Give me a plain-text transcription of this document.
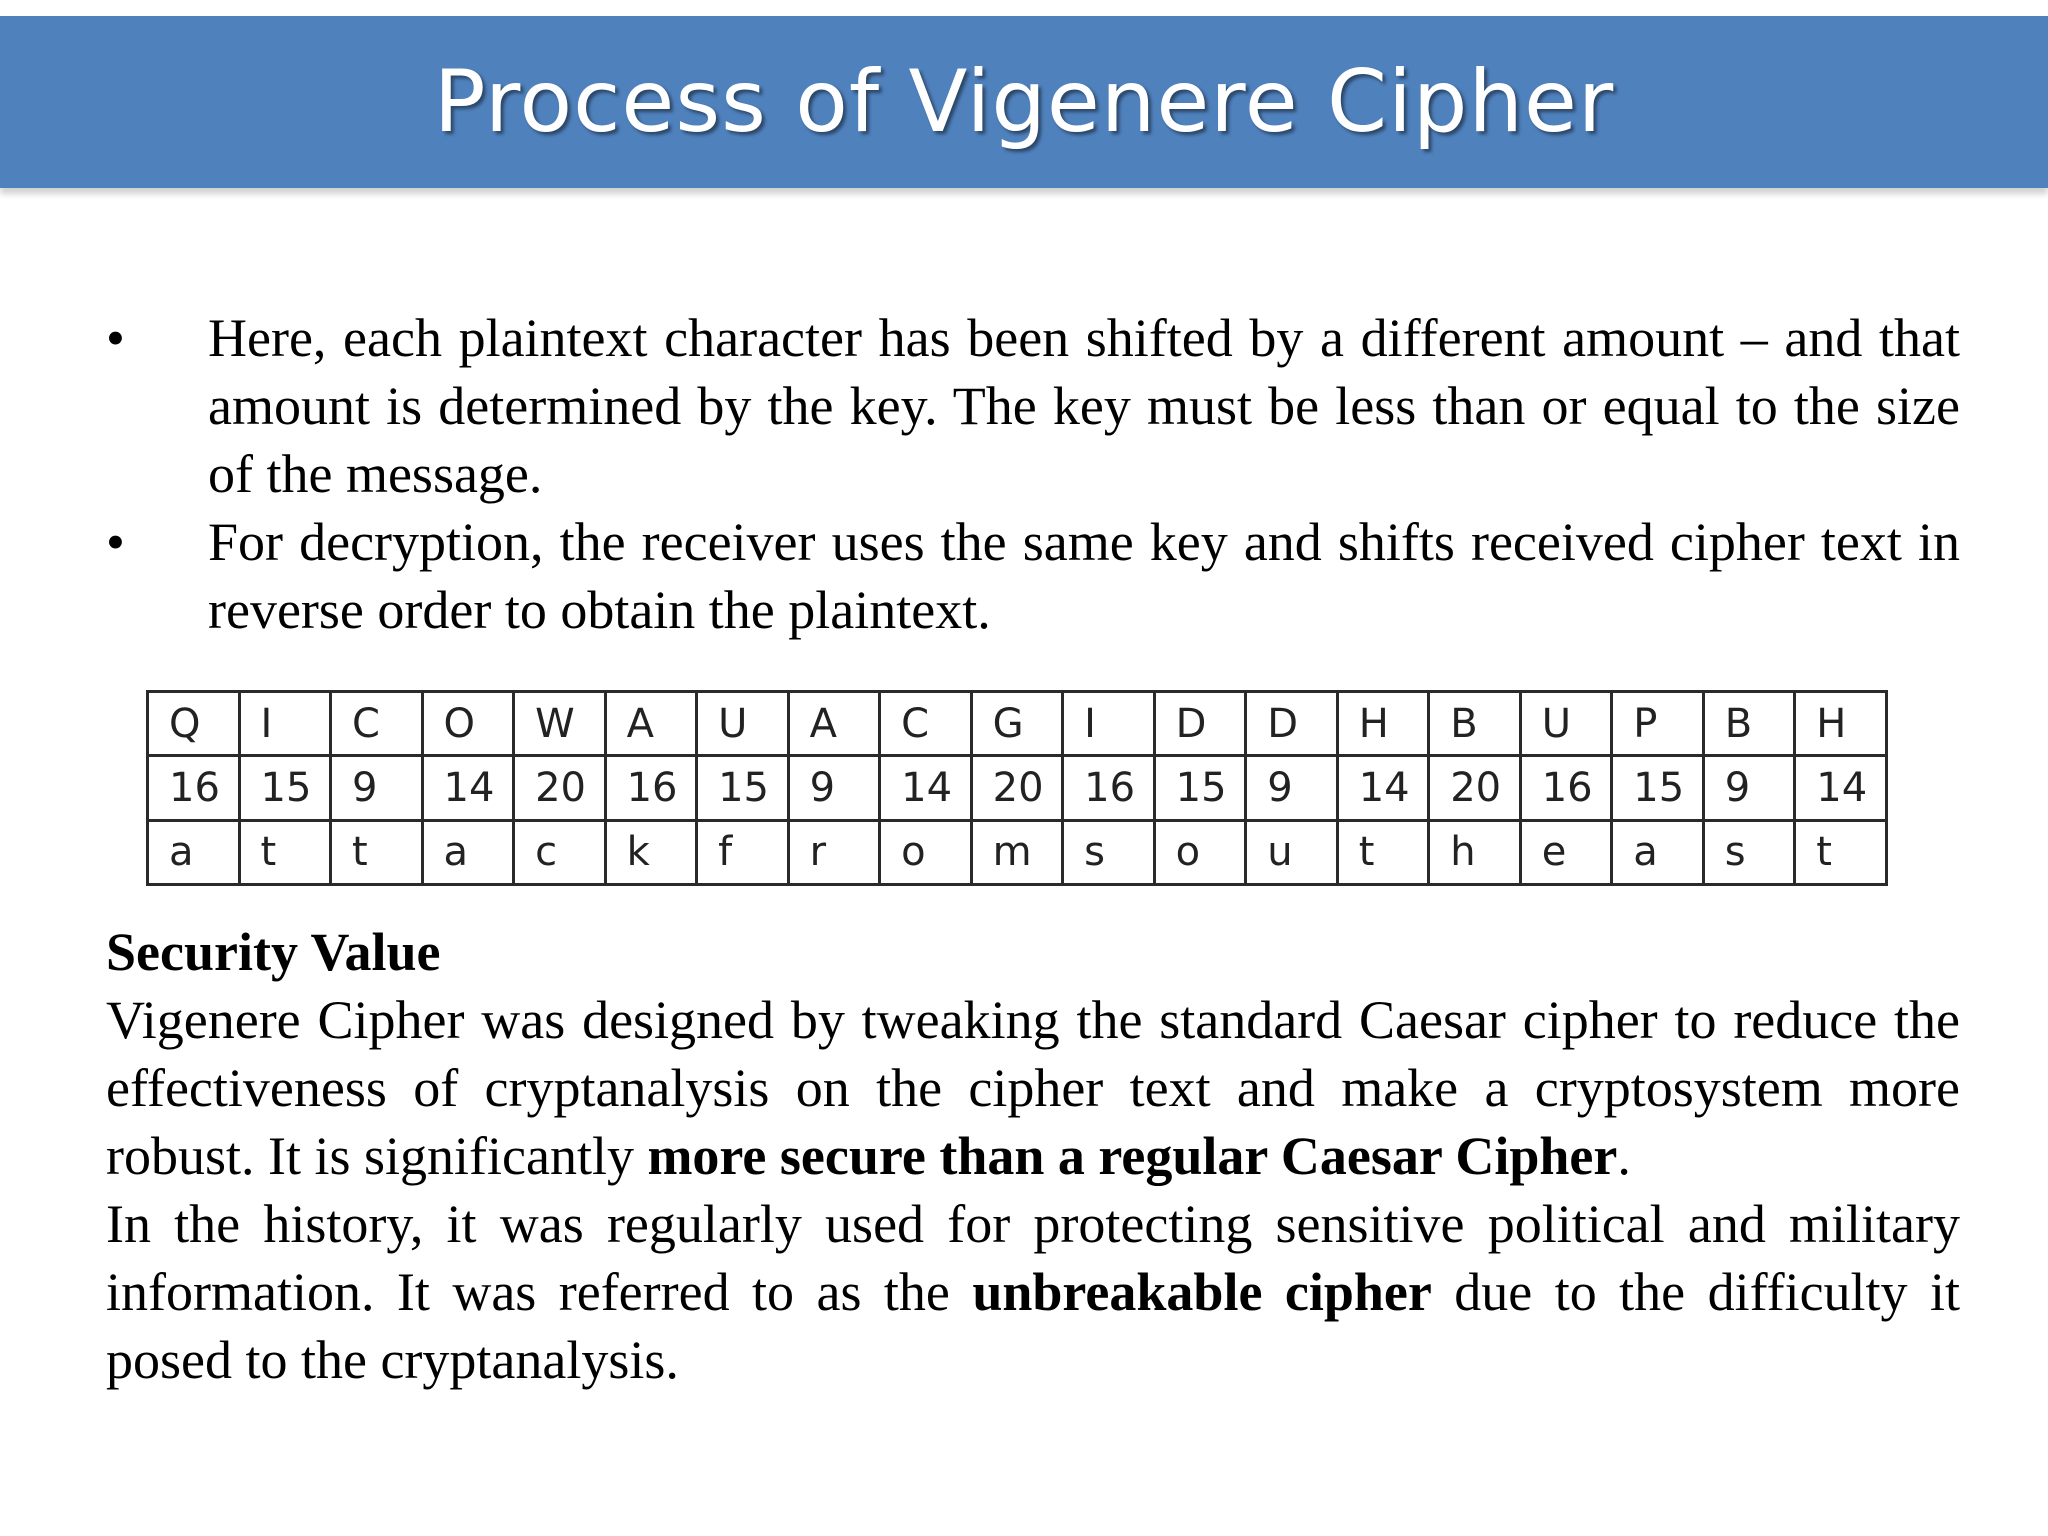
Process of Vigenere Cipher
• Here, each plaintext character has been shifted by a different amount – and that amount is determined by the key. The key must be less than or equal to the size of the message.
• For decryption, the receiver uses the same key and shifts received cipher text in reverse order to obtain the plaintext.
Q	I	C	O	W	A	U	A	C	G	I	D	D	H	B	U	P	B	H
16	15	9	14	20	16	15	9	14	20	16	15	9	14	20	16	15	9	14
a	t	t	a	c	k	f	r	o	m	s	o	u	t	h	e	a	s	t

Security Value

Vigenere Cipher was designed by tweaking the standard Caesar cipher to reduce the effectiveness of cryptanalysis on the cipher text and make a cryptosystem more robust. It is significantly more secure than a regular Caesar Cipher.

In the history, it was regularly used for protecting sensitive political and military information. It was referred to as the unbreakable cipher due to the difficulty it posed to the cryptanalysis.
